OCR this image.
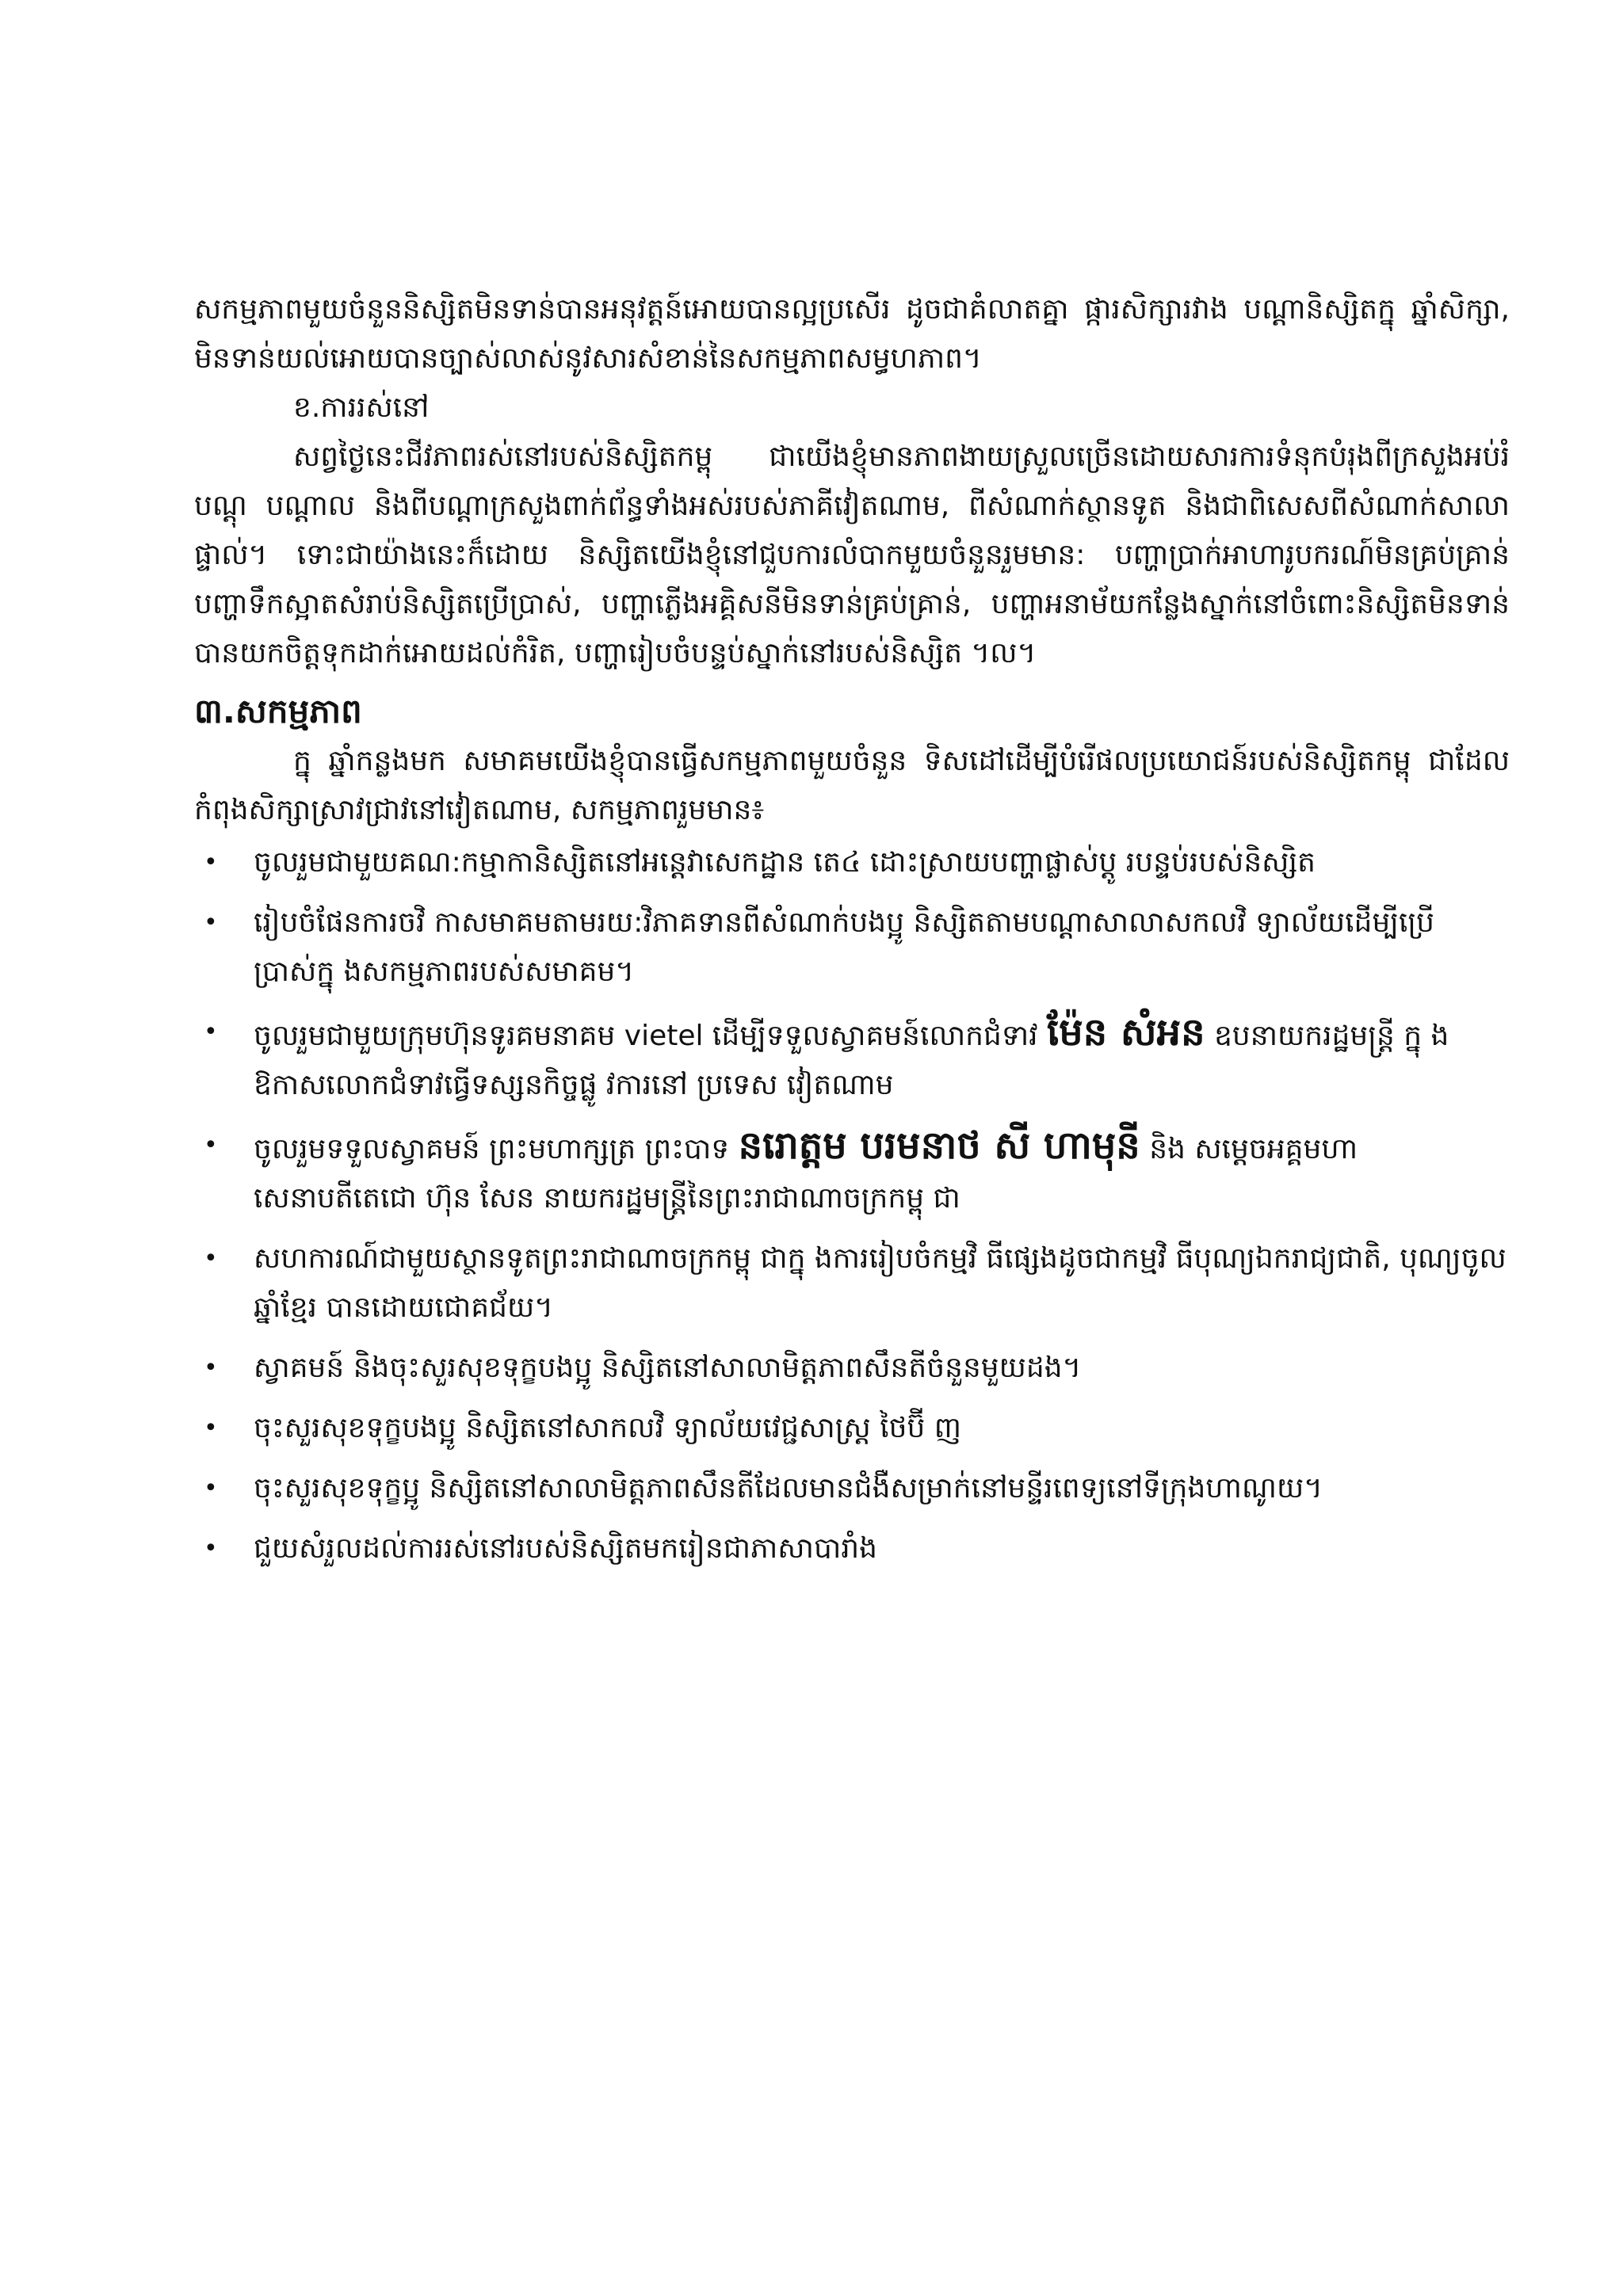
សកម្មភាពមួយចំនួននិស្សិតមិនទាន់បានអនុវត្តន៍អោយបានល្អប្រសើរ ដូចជាគំលាតគ្នា ផ្ការសិក្សារវាង បណ្តានិស្សិតក្នុ ឆ្នាំសិក្សា, មិនទាន់យល់អោយបានច្បាស់លាស់នូវសារសំខាន់នៃសកម្មភាពសម្ធហភាព។

ខ.ការរស់នៅ

សព្វថ្ងៃនេះជីវភាពរស់នៅរបស់និស្សិតកម្ពុ ជាយើងខ្ញុំមានភាពងាយស្រួលច្រើនដោយសារការទំនុកបំរុងពីក្រសួងអប់រំ បណ្តុ បណ្តាល និងពីបណ្តាក្រសួងពាក់ព័ន្ធទាំងអស់របស់ភាគីវៀតណាម, ពីសំណាក់ស្ថានទូត និងជាពិសេសពីសំណាក់សាលាផ្ទាល់។ ទោះជាយ៉ាងនេះក៏ដោយ និស្សិតយើងខ្ញុំនៅជួបការលំបាកមួយចំនួនរួមមាន: បញ្ហាប្រាក់អាហារូបករណ៍មិនគ្រប់គ្រាន់ បញ្ហាទឹកស្អាតសំរាប់និស្សិតប្រើប្រាស់, បញ្ហាភ្លើងអគ្គិសនីមិនទាន់គ្រប់គ្រាន់, បញ្ហាអនាម័យកន្លែងស្នាក់នៅចំពោះនិស្សិតមិនទាន់បានយកចិត្តទុកដាក់អោយដល់កំរិត, បញ្ហារៀបចំបន្ទប់ស្នាក់នៅរបស់និស្សិត ។ល។

៣.សកម្មភាព

ក្នុ ឆ្នាំកន្លងមក សមាគមយើងខ្ញុំបានធ្វើសកម្មភាពមួយចំនួន ទិសដៅដើម្បីបំរើផលប្រយោជន៍របស់និស្សិតកម្ពុ ជាដែលកំពុងសិក្សាស្រាវជ្រាវនៅវៀតណាម, សកម្មភាពរួមមាន៖

• ចូលរួមជាមួយគណ:កម្មាកានិស្សិតនៅអន្តេវាសេកដ្ឋាន តេ៤ ដោះស្រាយបញ្ហាផ្លាស់ប្តូ របន្ទប់របស់និស្សិត
• រៀបចំផែនការចវិ កាសមាគមតាមរយ:វិភាគទានពីសំណាក់បងប្អូ និស្សិតតាមបណ្តាសាលាសកលវិ ទ្យាល័យដើម្បីប្រើប្រាស់ក្នុ ងសកម្មភាពរបស់សមាគម។
• ចូលរួមជាមួយក្រុមហ៊ុនទូរគមនាគម vietel ដើម្បីទទួលស្វាគមន៍លោកជំទាវ ម៉ែន សំអន ឧបនាយករដ្ឋមន្រ្តី ក្នុ ងឱកាសលោកជំទាវធ្វើទស្សនកិច្ចផ្លូ វការនៅ ប្រទេស វៀតណាម
• ចូលរួមទទួលស្វាគមន៍ ព្រះមហាក្សត្រ ព្រះបាទ នរោត្តម បរមនាថ សី ហាមុនី និង សម្តេចអគ្គមហាសេនាបតីតេជោ ហ៊ុន សែន នាយករដ្ឋមន្ត្រីនៃព្រះរាជាណាចក្រកម្ពុ ជា
• សហការណ៍ជាមួយស្ថានទូតព្រះរាជាណាចក្រកម្ពុ ជាក្នុ ងការរៀបចំកម្មវិ ធីផ្សេងដូចជាកម្មវិ ធីបុណ្យឯករាជ្យជាតិ, បុណ្យចូលឆ្នាំខ្មែរ បានដោយជោគជ័យ។
• ស្វាគមន៍ និងចុះសួរសុខទុក្ខបងប្អូ និស្សិតនៅសាលាមិត្តភាពសឹនតីចំនួនមួយដង។
• ចុះសួរសុខទុក្ខបងប្អូ និស្សិតនៅសាកលវិ ទ្យាល័យវេជ្ជសាស្រ្ត ថៃប៊ី ញ
• ចុះសួរសុខទុក្ខប្អូ និស្សិតនៅសាលាមិត្តភាពសឹនតីដែលមានជំងឺសម្រាក់នៅមន្ទីរពេទ្យនៅទីក្រុងហាណូយ។
• ជួយសំរួលដល់ការរស់នៅរបស់និស្សិតមករៀនជាភាសាបារាំង
